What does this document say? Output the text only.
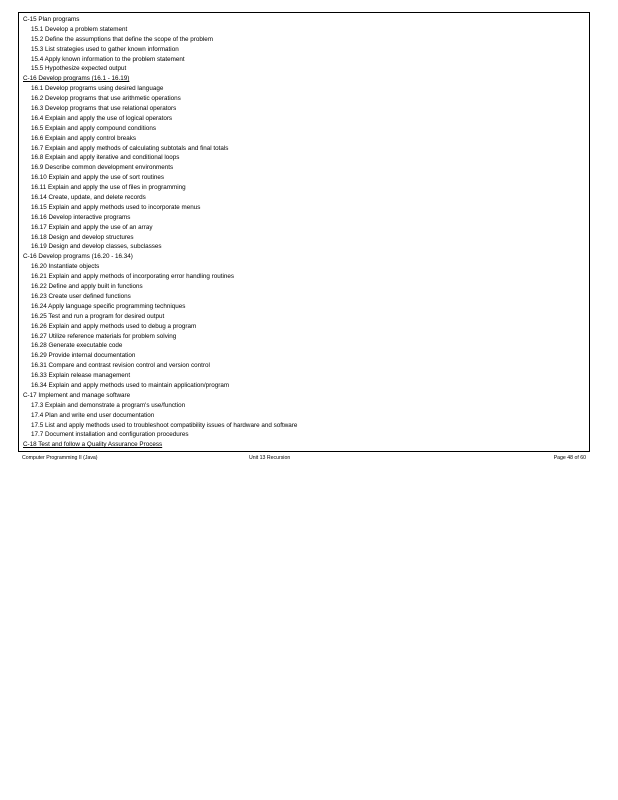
C-15 Plan programs
15.1 Develop a problem statement
15.2 Define the assumptions that define the scope of the problem
15.3 List strategies used to gather known information
15.4 Apply known information to the problem statement
15.5 Hypothesize expected output
C-16 Develop programs (16.1 - 16.19)
16.1 Develop programs using desired language
16.2 Develop programs that use arithmetic operations
16.3 Develop programs that use relational operators
16.4 Explain and apply the use of logical operators
16.5 Explain and apply compound conditions
16.6 Explain and apply control breaks
16.7 Explain and apply methods of calculating subtotals and final totals
16.8 Explain and apply iterative and conditional loops
16.9 Describe common development environments
16.10 Explain and apply the use of sort routines
16.11 Explain and apply the use of files in programming
16.14 Create, update, and delete records
16.15 Explain and apply methods used to incorporate menus
16.16 Develop interactive programs
16.17 Explain and apply the use of an array
16.18 Design and develop structures
16.19 Design and develop classes, subclasses
C-16 Develop programs (16.20 - 16.34)
16.20 Instantiate objects
16.21 Explain and apply methods of incorporating error handling routines
16.22 Define and apply built in functions
16.23 Create user defined functions
16.24 Apply language specific programming techniques
16.25 Test and run a program for desired output
16.26 Explain and apply methods used to debug a program
16.27 Utilize reference materials for problem solving
16.28 Generate executable code
16.29 Provide internal documentation
16.31 Compare and contrast revision control and version control
16.33 Explain release management
16.34 Explain and apply methods used to maintain application/program
C-17 Implement and manage software
17.3 Explain and demonstrate a program's use/function
17.4 Plan and write end user documentation
17.5 List and apply methods used to troubleshoot compatibility issues of hardware and software
17.7 Document installation and configuration procedures
C-18 Test and follow a Quality Assurance Process
Computer Programming II (Java)	Unit 13 Recursion	Page 48 of 60
